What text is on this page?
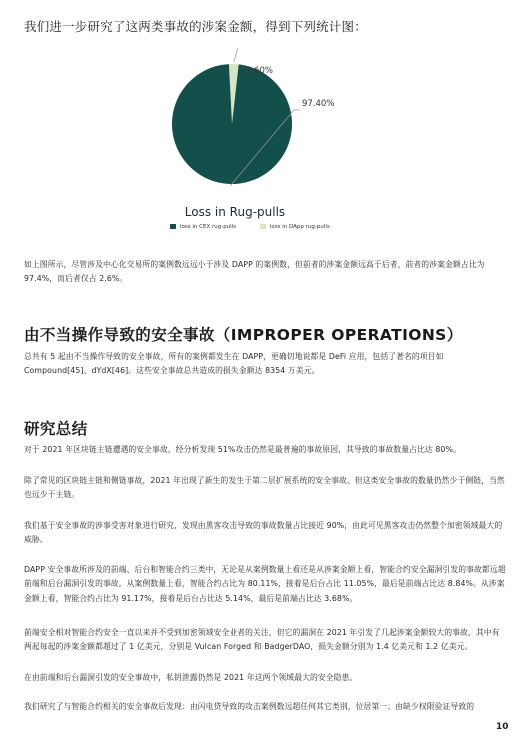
我们进一步研究了这两类事故的涉案金额，得到下列统计图：
97.40%
2.60%
Loss in Rug-pulls
loss in CEX rug-pulls	loss in DApp rug-pulls
如上图所示，尽管涉及中心化交易所的案例数远远小于涉及 DAPP 的案例数，但前者的涉案金额远高于后者，前者的涉案金额占比为 97.4%，而后者仅占 2.6%。
由不当操作导致的安全事故（IMPROPER OPERATIONS）
总共有 5 起由不当操作导致的安全事故，所有的案例都发生在 DAPP，更确切地说都是 DeFi 应用，包括了著名的项目如 Compound[45]、dYdX[46]。这些安全事故总共造成的损失金额达 8354 万美元。
研究总结
对于 2021 年区块链主链遭遇的安全事故，经分析发现 51%攻击仍然是最普遍的事故原因，其导致的事故数量占比达 80%。
除了常见的区块链主链和侧链事故，2021 年出现了新生的发生于第二层扩展系统的安全事故。但这类安全事故的数量仍然少于侧链，当然也远少于主链。
我们基于安全事故的涉事受害对象进行研究，发现由黑客攻击导致的事故数量占比接近 90%，由此可见黑客攻击仍然整个加密领域最大的威胁。
DAPP 安全事故所涉及的前端、后台和智能合约三类中，无论是从案例数量上看还是从涉案金额上看，智能合约安全漏洞引发的事故都远超前端和后台漏洞引发的事故。从案例数量上看，智能合约占比为 80.11%，接着是后台占比 11.05%，最后是前端占比达 8.84%。从涉案金额上看，智能合约占比为 91.17%，接着是后台占比达 5.14%，最后是前端占比达 3.68%。
前端安全相对智能合约安全一直以来并不受到加密领域安全业者的关注，但它的漏洞在 2021 年引发了几起涉案金额较大的事故，其中有两起每起的涉案金额都超过了 1 亿美元，分别是 Vulcan Forged 和 BadgerDAO，损失金额分别为 1.4 亿美元和 1.2 亿美元。
在由前端和后台漏洞引发的安全事故中，私钥泄露仍然是 2021 年这两个领域最大的安全隐患。
我们研究了与智能合约相关的安全事故后发现：由闪电贷导致的攻击案例数远超任何其它类别，位居第一；由缺少权限验证导致的
10
